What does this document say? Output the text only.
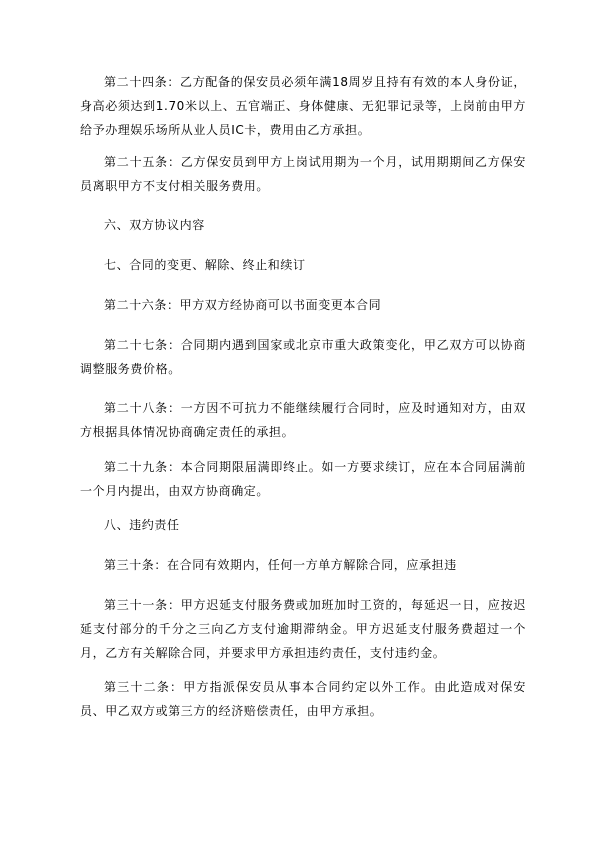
第二十四条：乙方配备的保安员必须年满18周岁且持有有效的本人身份证，身高必须达到1.70米以上、五官端正、身体健康、无犯罪记录等，上岗前由甲方给予办理娱乐场所从业人员IC卡，费用由乙方承担。

第二十五条：乙方保安员到甲方上岗试用期为一个月，试用期期间乙方保安员离职甲方不支付相关服务费用。

六、双方协议内容

七、合同的变更、解除、终止和续订

第二十六条：甲方双方经协商可以书面变更本合同

第二十七条：合同期内遇到国家或北京市重大政策变化，甲乙双方可以协商调整服务费价格。

第二十八条：一方因不可抗力不能继续履行合同时，应及时通知对方，由双方根据具体情况协商确定责任的承担。

第二十九条：本合同期限届满即终止。如一方要求续订，应在本合同届满前一个月内提出，由双方协商确定。

八、违约责任

第三十条：在合同有效期内，任何一方单方解除合同，应承担违

第三十一条：甲方迟延支付服务费或加班加时工资的，每延迟一日，应按迟延支付部分的千分之三向乙方支付逾期滞纳金。甲方迟延支付服务费超过一个月，乙方有关解除合同，并要求甲方承担违约责任，支付违约金。

第三十二条：甲方指派保安员从事本合同约定以外工作。由此造成对保安员、甲乙双方或第三方的经济赔偿责任，由甲方承担。
